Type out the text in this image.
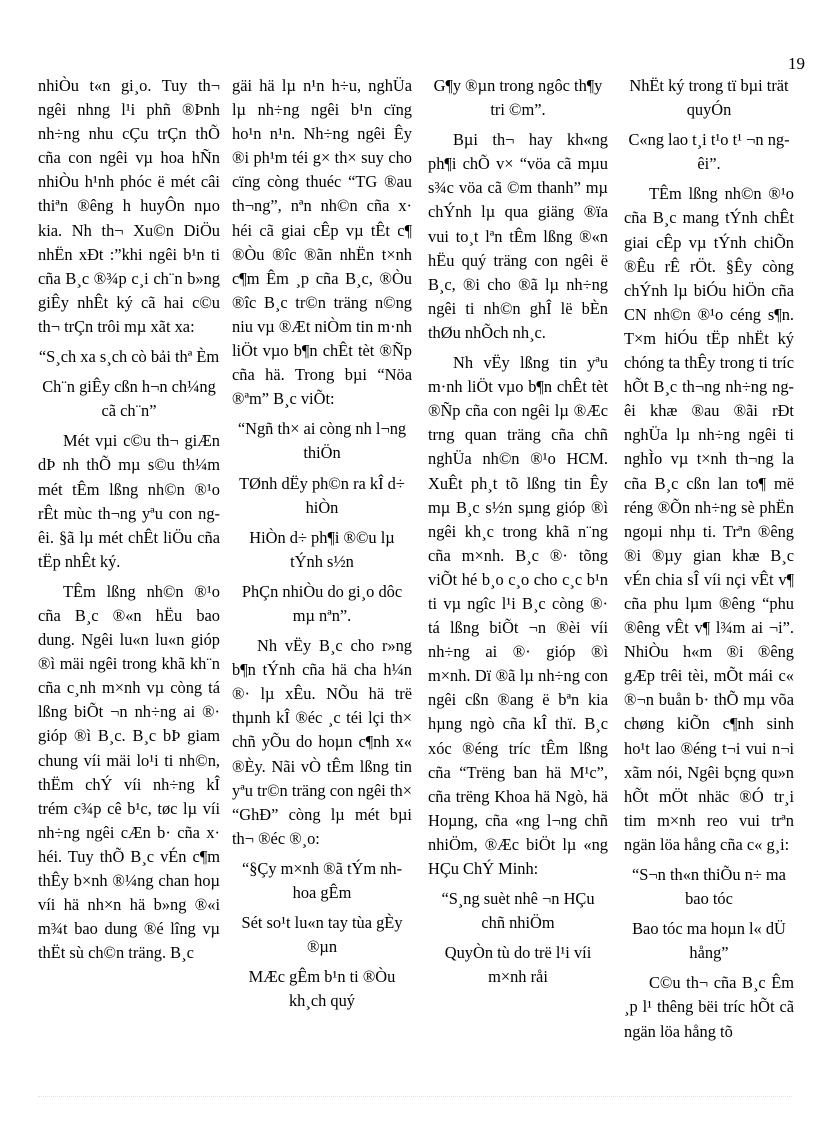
19

nhiÒu t«n gi¸o. Tuy th¬ ngêi nhng l¹i phñ ®Þnh nh÷ng nhu cÇu trÇn thÕ cña con ngêi vµ hoa hÑn nhiÒu h¹nh phóc ë mét câi thiªn ®êng h huyÔn nµo kia. Nh th¬ Xu©n DiÖu nhËn xÐt :”khi ngêi b¹n ti cña B¸c ®¾p c¸i ch¨n b»ng giÊy nhÊt ký cã hai c©u th¬ trÇn trôi mµ xãt xa:

“S¸ch xa s¸ch cò bải thª Èm

Ch¨n giÊy cßn h¬n ch¼ng cã ch¨n”

Mét vµi c©u th¬ giÆn dÞ nh thÕ mµ s©u th¼m mét tÊm lßng nh©n ®¹o rÊt mùc th¬ng yªu con ngêi. §ã lµ mét chÊt liÖu cña tËp nhÊt ký.

TÊm lßng nh©n ®¹o cña B¸c ®«n hËu bao dung. Ngêi lu«n lu«n gióp ®ì mäi ngêi trong khã kh¨n cña c¸nh m×nh vµ còng tá lßng biÕt ¬n nh÷ng ai ®· gióp ®ì B¸c. B¸c bÞ giam chung víi mäi lo¹i ti nh©n, thËm chÝ víi nh÷ng kÎ trém c¾p cê b¹c, tøc lµ víi nh÷ng ngêi cÆn b· cña x· héi. Tuy thÕ B¸c vÉn c¶m thÊy b×nh ®¼ng chan hoµ víi hä nh×n hä b»ng ®«i m¾t bao dung ®é lîng vµ thËt sù ch©n träng. B¸c

gäi hä lµ n¹n h÷u, nghÜa lµ nh÷ng ngêi b¹n cïng ho¹n n¹n. Nh÷ng ngêi Êy ®i ph¹m téi g× th× suy cho cïng còng thuéc “TG ®au th¬ng”, nªn nh©n cña x· héi cã giai cÊp vµ tÊt c¶ ®Òu ®îc ®ãn nhËn t×nh c¶m Êm ¸p cña B¸c, ®Òu ®îc B¸c tr©n träng n©ng niu vµ ®Æt niÒm tin m·nh liÖt vµo b¶n chÊt tèt ®Ñp cña hä. Trong bµi “Nöa ®ªm” B¸c viÕt:

“Ngñ th× ai còng nh l¬ng thiÖn

TØnh dËy ph©n ra kÎ d÷ hiÒn

HiÒn d÷ ph¶i ®©u lµ tÝnh s½n

PhÇn nhiÒu do gi¸o dôc mµ nªn”.

Nh vËy B¸c cho r»ng b¶n tÝnh cña hä cha h¼n ®· lµ xÊu. NÕu hä trë thµnh kÎ ®éc ¸c téi lçi th× chñ yÕu do hoµn c¶nh x« ®Èy. Nãi vÒ tÊm lßng tin yªu tr©n träng con ngêi th× “GhÐ” còng lµ mét bµi th¬ ®éc ®¸o:

“§Çy m×nh ®ã tÝm nh hoa gÊm

Sét so¹t lu«n tay tùa gÈy ®µn

MÆc gÊm b¹n ti ®Òu kh¸ch quý

G¶y ®µn trong ngôc th¶y tri ©m”.

Bµi th¬ hay kh«ng ph¶i chÕ v× “vöa cã mµu s¾c vöa cã ©m thanh” mµ chÝnh lµ qua giäng ®ïa vui to¸t lªn tÊm lßng ®«n hËu quý träng con ngêi ë B¸c, ®i cho ®ã lµ nh÷ng ngêi ti nh©n ghÎ lë bÈn thØu nhÕch nh¸c.

Nh vËy lßng tin yªu m·nh liÖt vµo b¶n chÊt tèt ®Ñp cña con ngêi lµ ®Æc trng quan träng cña chñ nghÜa nh©n ®¹o HCM. XuÊt ph¸t tõ lßng tin Êy mµ B¸c s½n sµng gióp ®ì ngêi kh¸c trong khã n¨ng cña m×nh. B¸c ®· tõng viÕt hé b¸o c¸o cho c¸c b¹n ti vµ ngîc l¹i B¸c còng ®· tá lßng biÕt ¬n ®èi víi nh÷ng ai ®· gióp ®ì m×nh. Dï ®ã lµ nh÷ng con ngêi cßn ®ang ë bªn kia hµng ngò cña kÎ thï. B¸c xóc ®éng tríc tÊm lßng cña “Trëng ban hä M¹c”, cña trëng Khoa hä Ngò, hä Hoµng, cña «ng l¬ng chñ nhiÖm, ®Æc biÖt lµ «ng HÇu ChÝ Minh:

“S¸ng suèt nhê ¬n HÇu chñ nhiÖm

QuyÒn tù do trë l¹i víi m×nh råi

NhËt ký trong tï bµi trät quyÓn

C«ng lao t¸i t¹o t¹ ¬n ngêi”.

TÊm lßng nh©n ®¹o cña B¸c mang tÝnh chÊt giai cÊp vµ tÝnh chiÕn ®Êu rÊ rÖt. §Êy còng chÝnh lµ biÓu hiÖn cña CN nh©n ®¹o céng s¶n. T×m hiÓu tËp nhËt ký chóng ta thÊy trong ti tríc hÕt B¸c th¬ng nh÷ng ngêi khæ ®au ®ãi rÐt nghÜa lµ nh÷ng ngêi ti nghÌo vµ t×nh th¬ng la cña B¸c cßn lan to¶ më réng ®Õn nh÷ng sè phËn ngoµi nhµ ti. Trªn ®êng ®i ®µy gian khæ B¸c vÉn chia sÎ víi nçi vÊt v¶ cña phu lµm ®êng “phu ®êng vÊt v¶ l¾m ai ¬i”. NhiÒu h«m ®i ®êng gÆp trêi tèi, mÕt mái c« ®¬n buån b· thÕ mµ võa chøng kiÕn c¶nh sinh ho¹t lao ®éng t¬i vui n¬i xãm nói, Ngêi bçng qu»n hÕt mÖt nhäc ®Ó tr¸i tim m×nh reo vui trªn ngän löa hång cña c« g¸i:

“S¬n th«n thiÕu n÷ ma bao tóc

Bao tóc ma hoµn l« dÜ hång”

C©u th¬ cña B¸c Êm ¸p l¹ thêng bëi tríc hÕt cã ngän löa hång tõ
